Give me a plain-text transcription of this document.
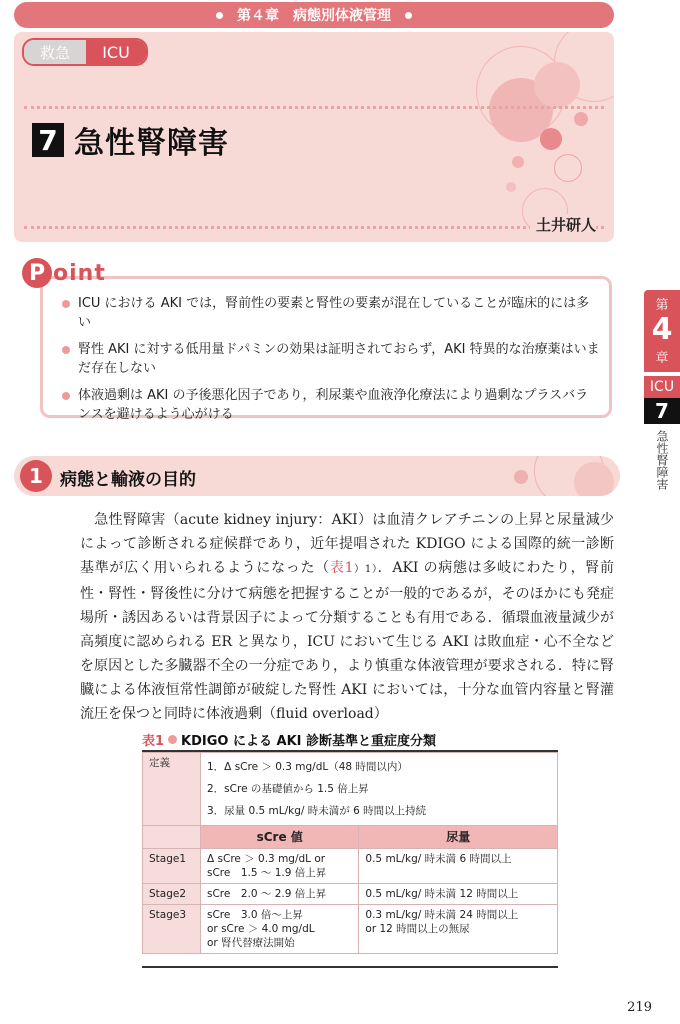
第４章　病態別体液管理
救急	ICU
7 急性腎障害
土井研人
P oint
ICU における AKI では，腎前性の要素と腎性の要素が混在していることが臨床的には多い
腎性 AKI に対する低用量ドパミンの効果は証明されておらず，AKI 特異的な治療薬はいまだ存在しない
体液過剰は AKI の予後悪化因子であり，利尿薬や血液浄化療法により過剰なプラスバランスを避けるよう心がける
第
4
章
ICU
7
急性腎障害
1	病態と輸液の目的
　急性腎障害（acute kidney injury：AKI）は血清クレアチニンの上昇と尿量減少によって診断される症候群であり，近年提唱された KDIGO による国際的統一診断基準が広く用いられるようになった（表1）1）．AKI の病態は多岐にわたり，腎前性・腎性・腎後性に分けて病態を把握することが一般的であるが，そのほかにも発症場所・誘因あるいは背景因子によって分類することも有用である．循環血液量減少が高頻度に認められる ER と異なり，ICU において生じる AKI は敗血症・心不全などを原因とした多臓器不全の一分症であり，より慎重な体液管理が要求される．特に腎臓による体液恒常性調節が破綻した腎性 AKI においては，十分な血管内容量と腎灌流圧を保つと同時に体液過剰（fluid overload）
表1 KDIGO による AKI 診断基準と重症度分類
定義	1．Δ sCre ＞ 0.3 mg/dL（48 時間以内）
2．sCre の基礎値から 1.5 倍上昇
3．尿量 0.5 mL/kg/ 時未満が 6 時間以上持続	

	sCre 値	尿量
Stage1	Δ sCre ＞ 0.3 mg/dL or
sCre　1.5 〜 1.9 倍上昇	0.5 mL/kg/ 時未満 6 時間以上

Stage2	sCre　2.0 〜 2.9 倍上昇	0.5 mL/kg/ 時未満 12 時間以上

Stage3	sCre　3.0 倍〜上昇
or sCre ＞ 4.0 mg/dL
or 腎代替療法開始	0.3 mL/kg/ 時未満 24 時間以上
or 12 時間以上の無尿
219
